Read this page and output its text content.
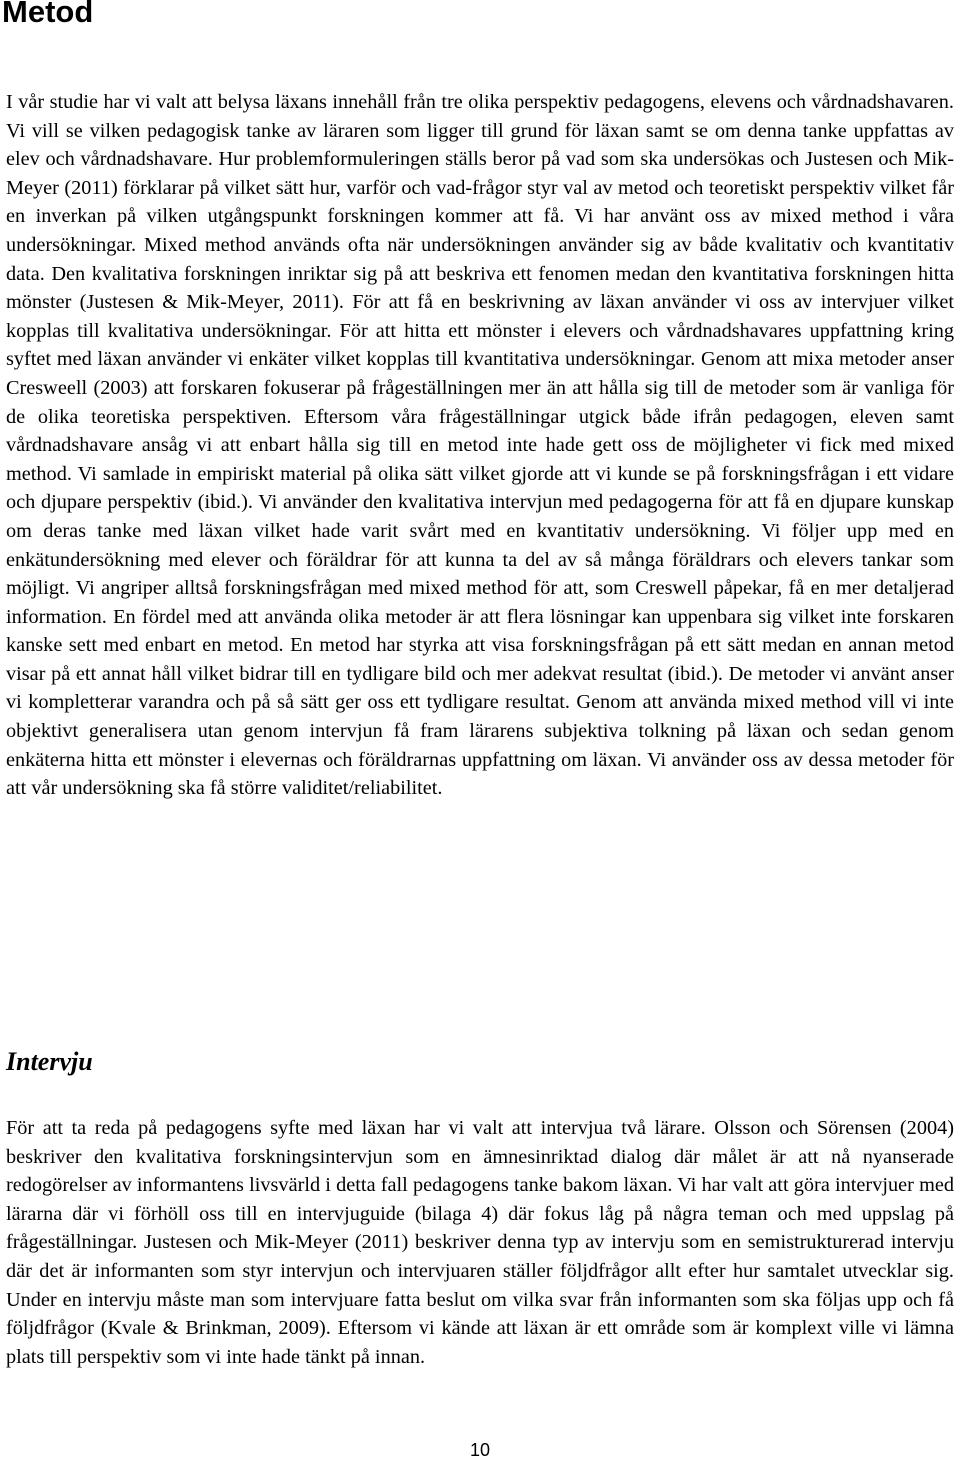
Metod

I vår studie har vi valt att belysa läxans innehåll från tre olika perspektiv pedagogens, elevens och vårdnadshavaren. Vi vill se vilken pedagogisk tanke av läraren som ligger till grund för läxan samt se om denna tanke uppfattas av elev och vårdnadshavare. Hur problemformuleringen ställs beror på vad som ska undersökas och Justesen och Mik-Meyer (2011) förklarar på vilket sätt hur, varför och vad-frågor styr val av metod och teoretiskt perspektiv vilket får en inverkan på vilken utgångspunkt forskningen kommer att få. Vi har använt oss av mixed method i våra undersökningar. Mixed method används ofta när undersökningen använder sig av både kvalitativ och kvantitativ data. Den kvalitativa forskningen inriktar sig på att beskriva ett fenomen medan den kvantitativa forskningen hitta mönster (Justesen & Mik-Meyer, 2011). För att få en beskrivning av läxan använder vi oss av intervjuer vilket kopplas till kvalitativa undersökningar. För att hitta ett mönster i elevers och vårdnadshavares uppfattning kring syftet med läxan använder vi enkäter vilket kopplas till kvantitativa undersökningar. Genom att mixa metoder anser Cresweell (2003) att forskaren fokuserar på frågeställningen mer än att hålla sig till de metoder som är vanliga för de olika teoretiska perspektiven. Eftersom våra frågeställningar utgick både ifrån pedagogen, eleven samt vårdnadshavare ansåg vi att enbart hålla sig till en metod inte hade gett oss de möjligheter vi fick med mixed method. Vi samlade in empiriskt material på olika sätt vilket gjorde att vi kunde se på forskningsfrågan i ett vidare och djupare perspektiv (ibid.). Vi använder den kvalitativa intervjun med pedagogerna för att få en djupare kunskap om deras tanke med läxan vilket hade varit svårt med en kvantitativ undersökning. Vi följer upp med en enkätundersökning med elever och föräldrar för att kunna ta del av så många föräldrars och elevers tankar som möjligt. Vi angriper alltså forskningsfrågan med mixed method för att, som Creswell påpekar, få en mer detaljerad information. En fördel med att använda olika metoder är att flera lösningar kan uppenbara sig vilket inte forskaren kanske sett med enbart en metod. En metod har styrka att visa forskningsfrågan på ett sätt medan en annan metod visar på ett annat håll vilket bidrar till en tydligare bild och mer adekvat resultat (ibid.). De metoder vi använt anser vi kompletterar varandra och på så sätt ger oss ett tydligare resultat. Genom att använda mixed method vill vi inte objektivt generalisera utan genom intervjun få fram lärarens subjektiva tolkning på läxan och sedan genom enkäterna hitta ett mönster i elevernas och föräldrarnas uppfattning om läxan. Vi använder oss av dessa metoder för att vår undersökning ska få större validitet/reliabilitet.

Intervju

För att ta reda på pedagogens syfte med läxan har vi valt att intervjua två lärare. Olsson och Sörensen (2004) beskriver den kvalitativa forskningsintervjun som en ämnesinriktad dialog där målet är att nå nyanserade redogörelser av informantens livsvärld i detta fall pedagogens tanke bakom läxan. Vi har valt att göra intervjuer med lärarna där vi förhöll oss till en intervjuguide (bilaga 4) där fokus låg på några teman och med uppslag på frågeställningar. Justesen och Mik-Meyer (2011) beskriver denna typ av intervju som en semistrukturerad intervju där det är informanten som styr intervjun och intervjuaren ställer följdfrågor allt efter hur samtalet utvecklar sig. Under en intervju måste man som intervjuare fatta beslut om vilka svar från informanten som ska följas upp och få följdfrågor (Kvale & Brinkman, 2009). Eftersom vi kände att läxan är ett område som är komplext ville vi lämna plats till perspektiv som vi inte hade tänkt på innan.

10
